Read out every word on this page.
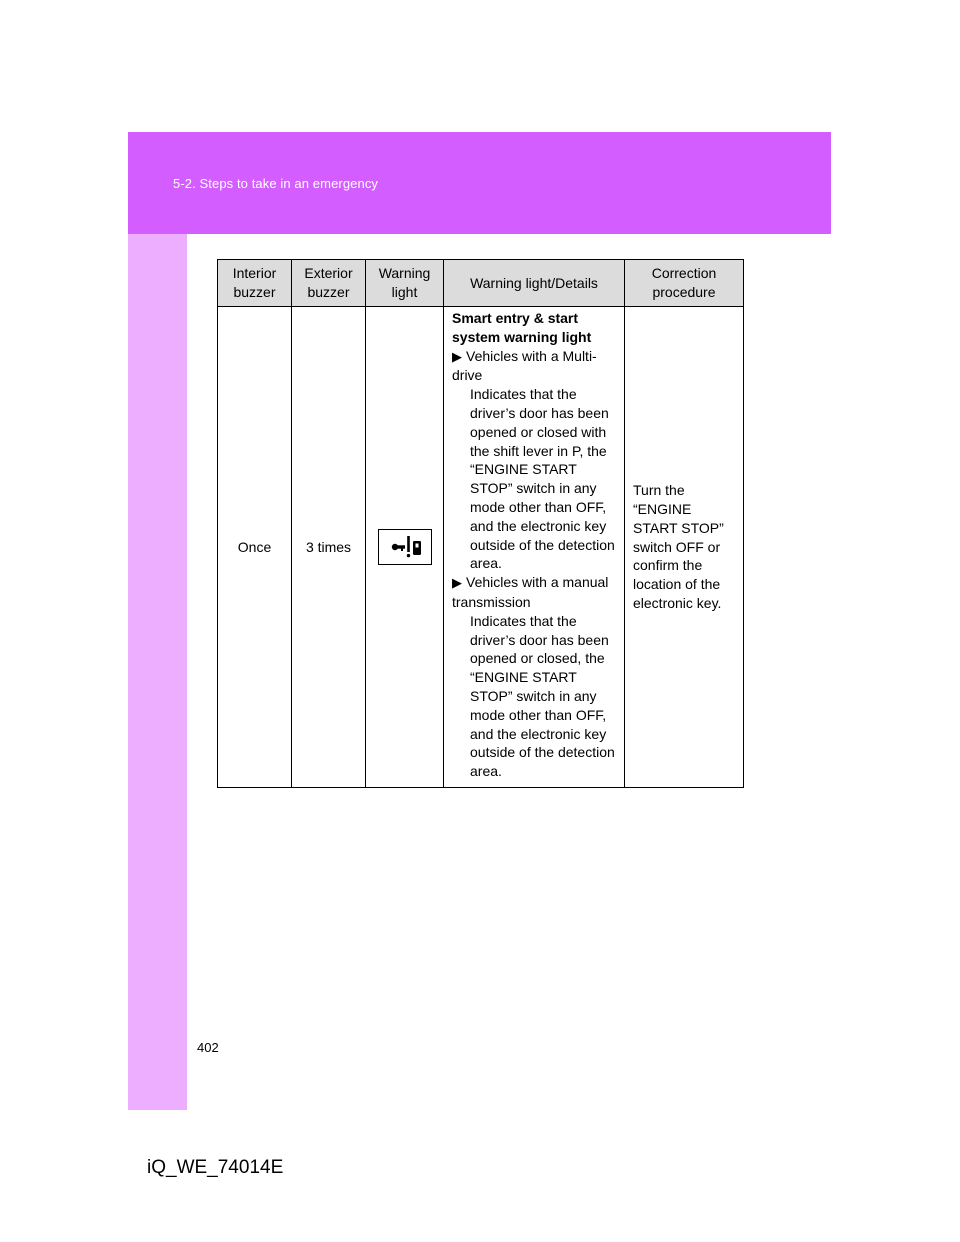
5-2. Steps to take in an emergency
Interior buzzer	Exterior buzzer	Warning light	Warning light/Details	Correction procedure
Once	3 times		Smart entry & start system warning light
▶ Vehicles with a Multi-drive
Indicates that the driver’s door has been opened or closed with the shift lever in P, the “ENGINE START STOP” switch in any mode other than OFF, and the electronic key outside of the detection area.
▶ Vehicles with a manual transmission
Indicates that the driver’s door has been opened or closed, the “ENGINE START STOP” switch in any mode other than OFF, and the electronic key outside of the detection area.	Turn the “ENGINE START STOP” switch OFF or confirm the location of the electronic key.
402
iQ_WE_74014E
